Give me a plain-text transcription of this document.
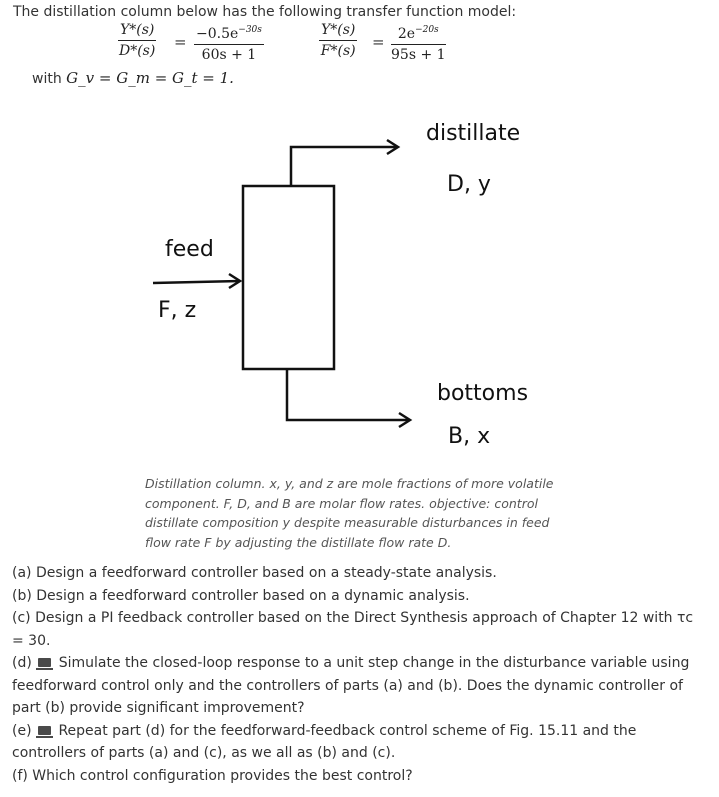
The distillation column below has the following transfer function model:
$\frac{Y*(s)}{D*(s)} = \frac{-0.5e^{-30s}}{60s + 1}$	$\frac{Y*(s)}{F*(s)} = \frac{2e^{-20s}}{95s + 1}$
with G_v = G_m = G_t = 1.
distillate
D, y
feed
F, z
bottoms
B, x
Distillation column. x, y, and z are mole fractions of more volatile component. F, D, and B are molar flow rates. objective: control distillate composition y despite measurable disturbances in feed flow rate F by adjusting the distillate flow rate D.

(a) Design a feedforward controller based on a steady-state analysis.

(b) Design a feedforward controller based on a dynamic analysis.

(c) Design a PI feedback controller based on the Direct Synthesis approach of Chapter 12 with τc = 30.

(d) Simulate the closed-loop response to a unit step change in the disturbance variable using feedforward control only and the controllers of parts (a) and (b). Does the dynamic controller of part (b) provide significant improvement?

(e) Repeat part (d) for the feedforward-feedback control scheme of Fig. 15.11 and the controllers of parts (a) and (c), as we all as (b) and (c).

(f) Which control configuration provides the best control?
